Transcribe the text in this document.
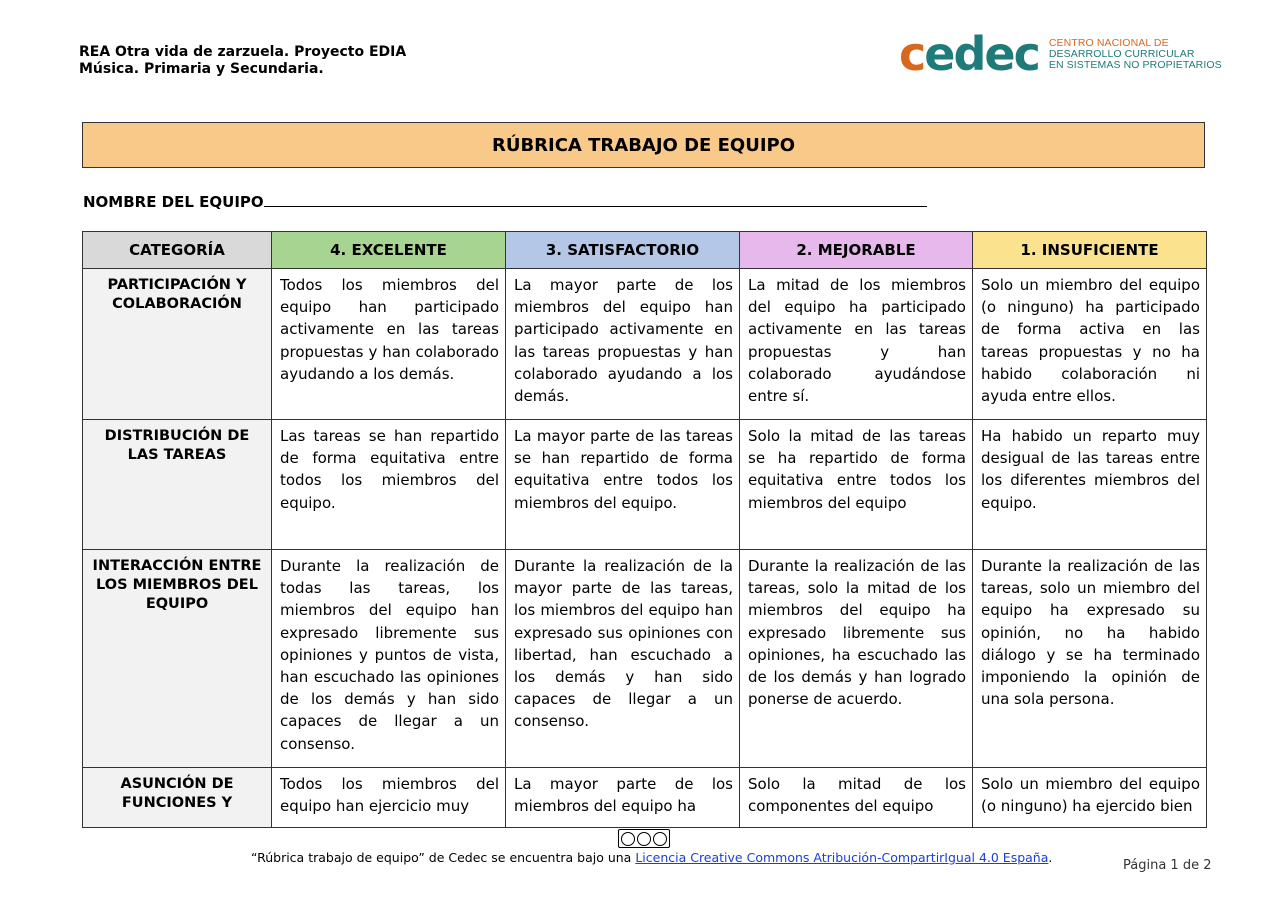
REA Otra vida de zarzuela. Proyecto EDIA
Música. Primaria y Secundaria.	cedec CENTRO NACIONAL DE
DESARROLLO CURRICULAR
EN SISTEMAS NO PROPIETARIOS
RÚBRICA TRABAJO DE EQUIPO
NOMBRE DEL EQUIPO
CATEGORÍA	4. EXCELENTE	3. SATISFACTORIO	2. MEJORABLE	1. INSUFICIENTE
PARTICIPACIÓN Y COLABORACIÓN	Todos los miembros del equipo han participado activamente en las tareas propuestas y han colaborado ayudando a los demás.	La mayor parte de los miembros del equipo han participado activamente en las tareas propuestas y han colaborado ayudando a los demás.	La mitad de los miembros del equipo ha participado activamente en las tareas propuestas y han colaborado ayudándose entre sí.	Solo un miembro del equipo (o ninguno) ha participado de forma activa en las tareas propuestas y no ha habido colaboración ni ayuda entre ellos.
DISTRIBUCIÓN DE LAS TAREAS	Las tareas se han repartido de forma equitativa entre todos los miembros del equipo.	La mayor parte de las tareas se han repartido de forma equitativa entre todos los miembros del equipo.	Solo la mitad de las tareas se ha repartido de forma equitativa entre todos los miembros del equipo	Ha habido un reparto muy desigual de las tareas entre los diferentes miembros del equipo.
INTERACCIÓN ENTRE LOS MIEMBROS DEL EQUIPO	Durante la realización de todas las tareas, los miembros del equipo han expresado libremente sus opiniones y puntos de vista, han escuchado las opiniones de los demás y han sido capaces de llegar a un consenso.	Durante la realización de la mayor parte de las tareas, los miembros del equipo han expresado sus opiniones con libertad, han escuchado a los demás y han sido capaces de llegar a un consenso.	Durante la realización de las tareas, solo la mitad de los miembros del equipo ha expresado libremente sus opiniones, ha escuchado las de los demás y han logrado ponerse de acuerdo.	Durante la realización de las tareas, solo un miembro del equipo ha expresado su opinión, no ha habido diálogo y se ha terminado imponiendo la opinión de una sola persona.
ASUNCIÓN DE FUNCIONES Y	Todos los miembros del equipo han ejercicio muy	La mayor parte de los miembros del equipo ha	Solo la mitad de los componentes del equipo	Solo un miembro del equipo (o ninguno) ha ejercido bien
“Rúbrica trabajo de equipo” de Cedec se encuentra bajo una Licencia Creative Commons Atribución-CompartirIgual 4.0 España.
Página 1 de 2
